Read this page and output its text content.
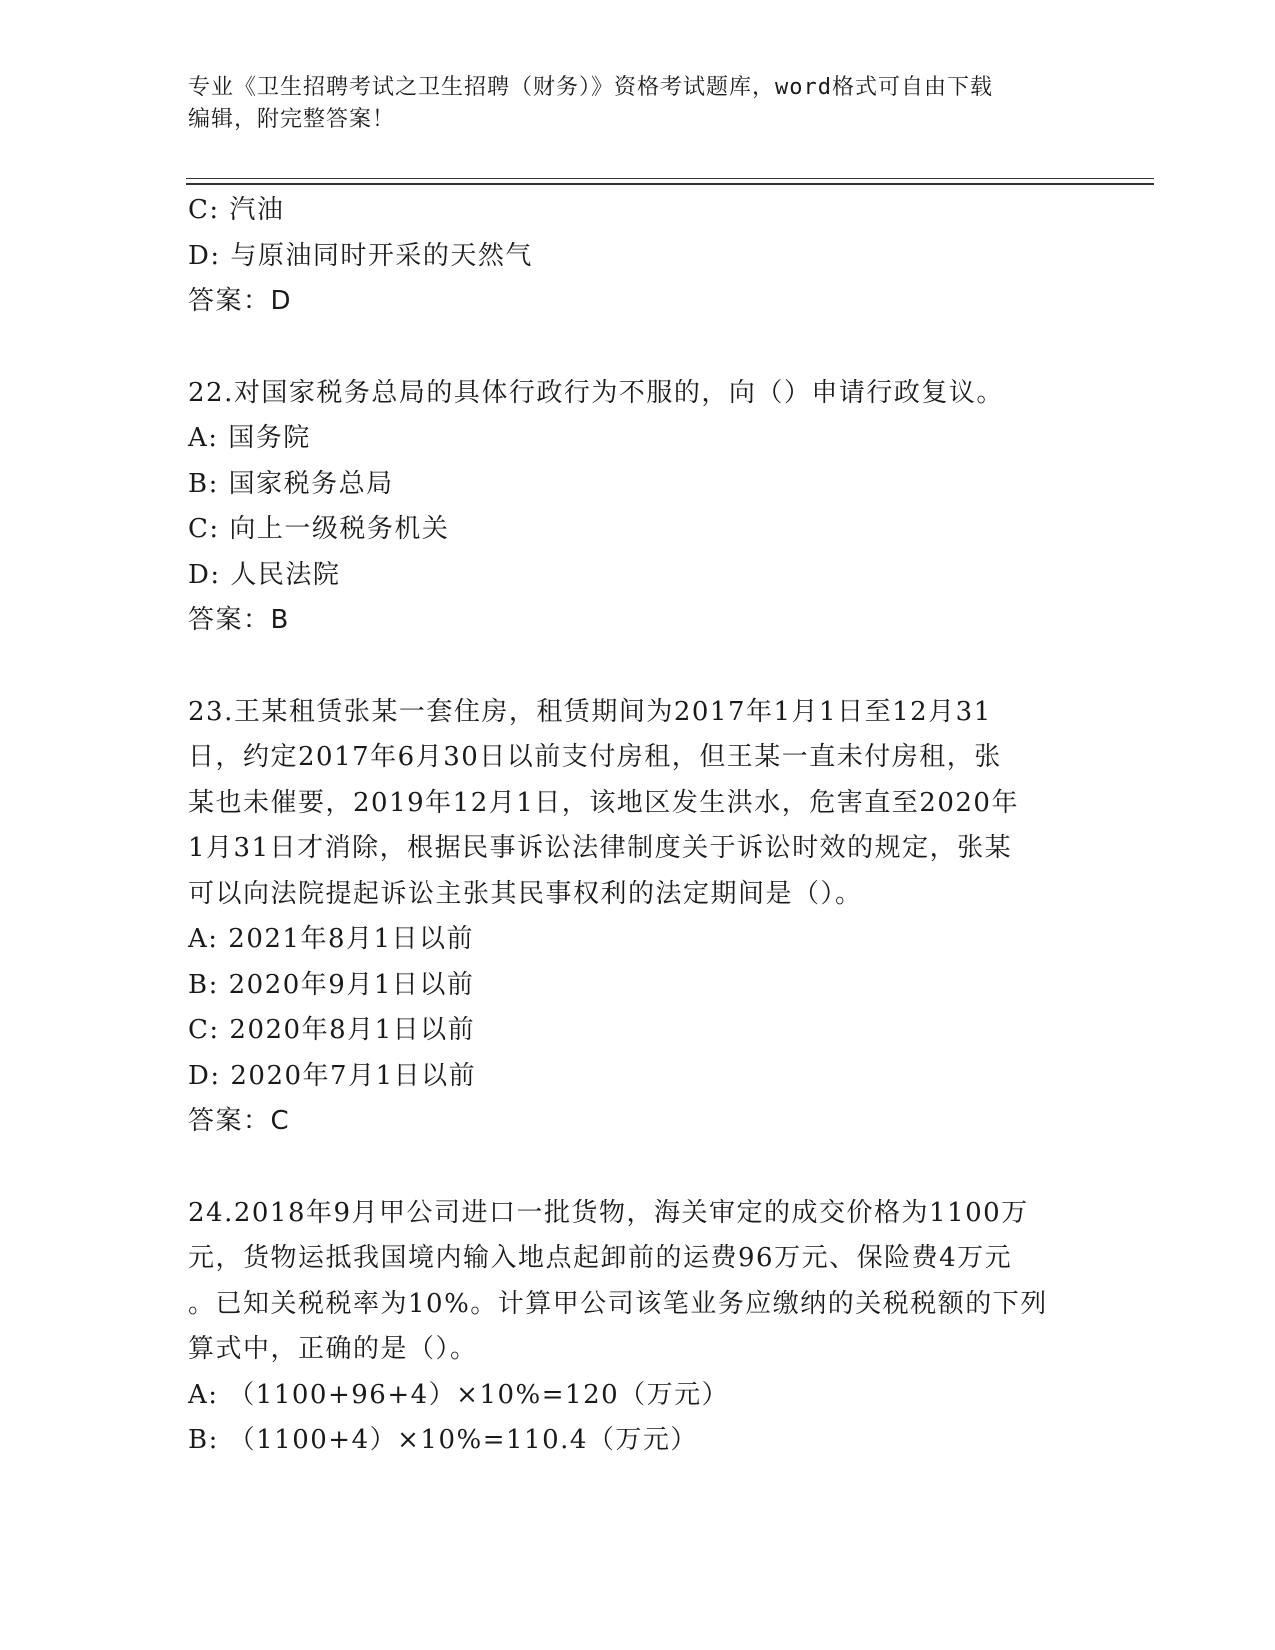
专业《卫生招聘考试之卫生招聘（财务）》资格考试题库，word格式可自由下载
编辑，附完整答案！
C: 汽油
D: 与原油同时开采的天然气
答案：D
22.对国家税务总局的具体行政行为不服的，向（）申请行政复议。
A: 国务院
B: 国家税务总局
C: 向上一级税务机关
D: 人民法院
答案：B
23.王某租赁张某一套住房，租赁期间为2017年1月1日至12月31
日，约定2017年6月30日以前支付房租，但王某一直未付房租，张
某也未催要，2019年12月1日，该地区发生洪水，危害直至2020年
1月31日才消除，根据民事诉讼法律制度关于诉讼时效的规定，张某
可以向法院提起诉讼主张其民事权利的法定期间是（）。
A: 2021年8月1日以前
B: 2020年9月1日以前
C: 2020年8月1日以前
D: 2020年7月1日以前
答案：C
24.2018年9月甲公司进口一批货物，海关审定的成交价格为1100万
元，货物运抵我国境内输入地点起卸前的运费96万元、保险费4万元
。已知关税税率为10%。计算甲公司该笔业务应缴纳的关税税额的下列
算式中，正确的是（）。
A: （1100+96+4）×10%=120（万元）
B: （1100+4）×10%=110.4（万元）
